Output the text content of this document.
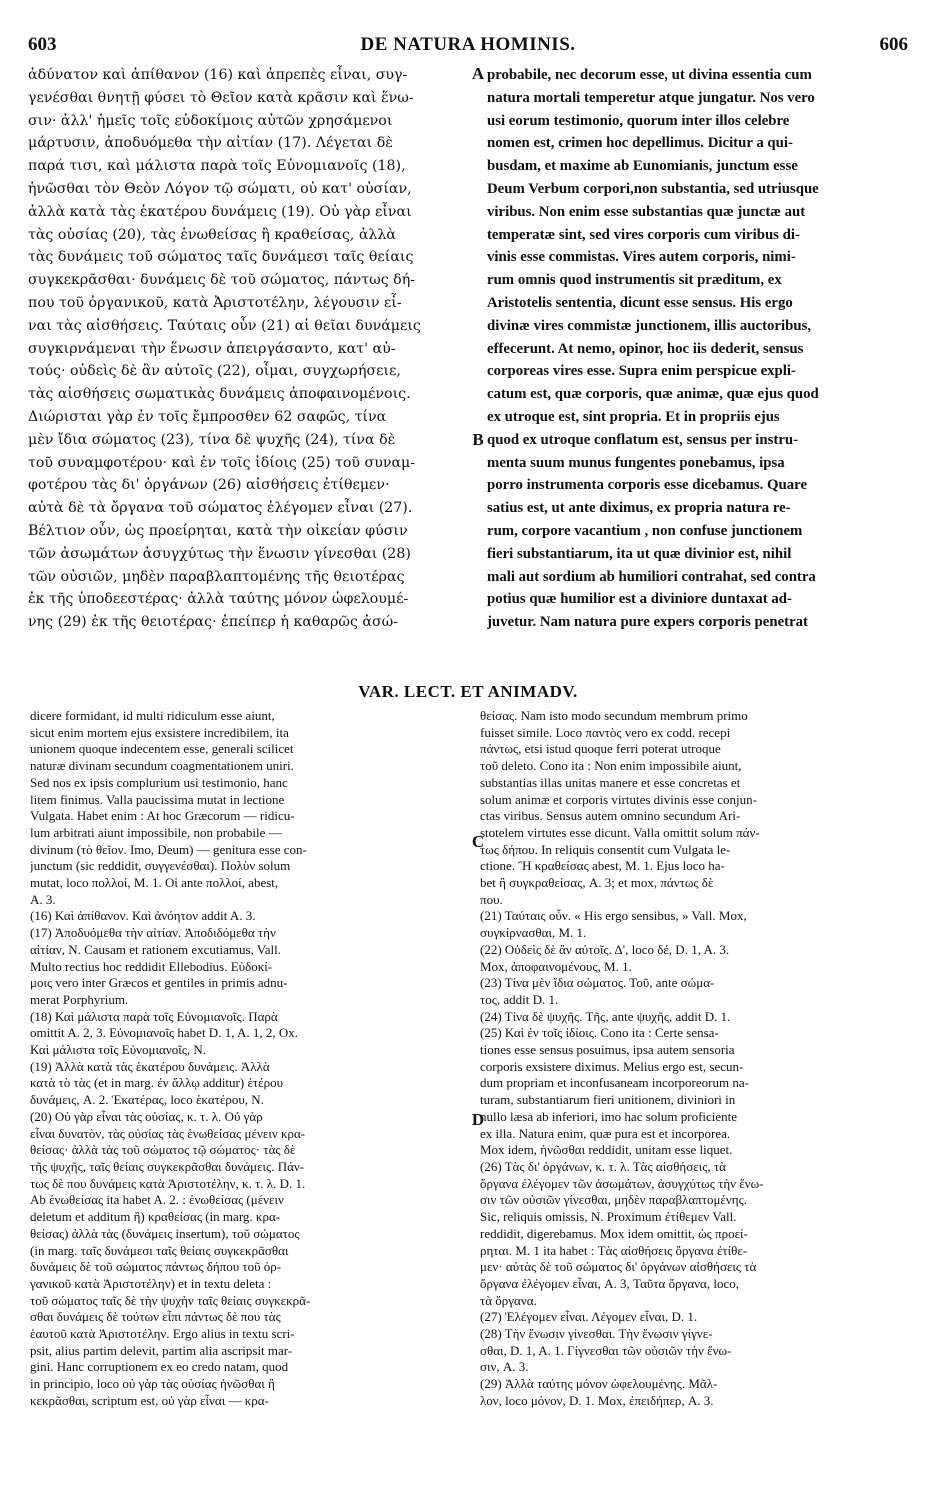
603	DE NATURA HOMINIS.	606
ἀδύνατον καὶ ἀπίθανον (16) καὶ ἀπρεπὲς εἶναι, συγ-
γενέσθαι θνητῇ φύσει τὸ Θεῖον κατὰ κρᾶσιν καὶ ἕνω-
σιν· ἀλλ' ἡμεῖς τοῖς εὐδοκίμοις αὐτῶν χρησάμενοι
μάρτυσιν, ἀποδυόμεθα τὴν αἰτίαν (17). Λέγεται δὲ
παρά τισι, καὶ μάλιστα παρὰ τοῖς Εὐνομιανοῖς (18),
ἡνῶσθαι τὸν Θεὸν Λόγον τῷ σώματι, οὐ κατ' οὐσίαν,
ἀλλὰ κατὰ τὰς ἑκατέρου δυνάμεις (19). Οὐ γὰρ εἶναι
τὰς οὐσίας (20), τὰς ἑνωθείσας ἢ κραθείσας, ἀλλὰ
τὰς δυνάμεις τοῦ σώματος ταῖς δυνάμεσι ταῖς θείαις
συγκεκρᾶσθαι· δυνάμεις δὲ τοῦ σώματος, πάντως δή-
που τοῦ ὀργανικοῦ, κατὰ Ἀριστοτέλην, λέγουσιν εἶ-
ναι τὰς αἰσθήσεις. Ταύταις οὖν (21) αἱ θεῖαι δυνάμεις
συγκιρνάμεναι τὴν ἕνωσιν ἀπειργάσαντο, κατ' αὐ-
τούς· οὐδεὶς δὲ ἂν αὐτοῖς (22), οἶμαι, συγχωρήσειε,
τὰς αἰσθήσεις σωματικὰς δυνάμεις ἀποφαινομένοις.
Διώρισται γὰρ ἐν τοῖς ἔμπροσθεν 62 σαφῶς, τίνα
μὲν ἴδια σώματος (23), τίνα δὲ ψυχῆς (24), τίνα δὲ
τοῦ συναμφοτέρου· καὶ ἐν τοῖς ἰδίοις (25) τοῦ συναμ-
φοτέρου τὰς δι' ὀργάνων (26) αἰσθήσεις ἐτίθεμεν·
αὐτὰ δὲ τὰ ὄργανα τοῦ σώματος ἐλέγομεν εἶναι (27).
Βέλτιον οὖν, ὡς προείρηται, κατὰ τὴν οἰκείαν φύσιν
τῶν ἀσωμάτων ἀσυγχύτως τὴν ἕνωσιν γίνεσθαι (28)
τῶν οὐσιῶν, μηδὲν παραβλαπτομένης τῆς θειοτέρας
ἐκ τῆς ὑποδεεστέρας· ἀλλὰ ταύτης μόνον ὠφελουμέ-
νης (29) ἐκ τῆς θειοτέρας· ἐπείπερ ἡ καθαρῶς ἀσώ-
probabile, nec decorum esse, ut divina essentia cum
natura mortali temperetur atque jungatur. Nos vero
usi eorum testimonio, quorum inter illos celebre
nomen est, crimen hoc depellimus. Dicitur a qui-
busdam, et maxime ab Eunomianis, junctum esse
Deum Verbum corpori,non substantia, sed utriusque
viribus. Non enim esse substantias quæ junctæ aut
temperatæ sint, sed vires corporis cum viribus di-
vinis esse commistas. Vires autem corporis, nimi-
rum omnis quod instrumentis sit præditum, ex
Aristotelis sententia, dicunt esse sensus. His ergo
divinæ vires commistæ junctionem, illis auctoribus,
effecerunt. At nemo, opinor, hoc iis dederit, sensus
corporeas vires esse. Supra enim perspicue expli-
catum est, quæ corporis, quæ animæ, quæ ejus quod
ex utroque est, sint propria. Et in propriis ejus
quod ex utroque conflatum est, sensus per instru-
menta suum munus fungentes ponebamus, ipsa
porro instrumenta corporis esse dicebamus. Quare
satius est, ut ante diximus, ex propria natura re-
rum, corpore vacantium , non confuse junctionem
fieri substantiarum, ita ut quæ divinior est, nihil
mali aut sordium ab humiliori contrahat, sed contra
potius quæ humilior est a diviniore duntaxat ad-
juvetur. Nam natura pure expers corporis penetrat
A
B
C
D
VAR. LECT. ET ANIMADV.
dicere formidant, id multi ridiculum esse aiunt,
sicut enim mortem ejus exsistere incredibilem, ita
unionem quoque indecentem esse, generali scilicet
naturæ divinam secundum coagmentationem uniri.
Sed nos ex ipsis complurium usi testimonio, hanc
litem finimus. Valla paucissima mutat in lectione
Vulgata. Habet enim : At hoc Græcorum — ridicu-
lum arbitrati aiunt impossibile, non probabile —
divinum (τὸ θεῖον. Imo, Deum) — genitura esse con-
junctum (sic reddidit, συγγενέσθαι). Πολὺν solum
mutat, loco πολλοί, M. 1. Οἱ ante πολλοί, abest,
A. 3.
(16) Καὶ ἀπίθανον. Καὶ ἀνόητον addit A. 3.
(17) Ἀποδυόμεθα τὴν αἰτίαν. Ἀποδιδόμεθα τὴν
αἰτίαν, N. Causam et rationem excutiamus, Vall.
Multo rectius hoc reddidit Ellebodius. Εὐδοκί-
μοις vero inter Græcos et gentiles in primis adnu-
merat Porphyrium.
(18) Καὶ μάλιστα παρὰ τοῖς Εὐνομιανοῖς. Παρὰ
omittit A. 2, 3. Εὐνομιανοῖς habet D. 1, A. 1, 2, Ox.
Καὶ μάλιστα τοῖς Εὐνομιανοῖς, N.
(19) Ἀλλὰ κατὰ τὰς ἑκατέρου δυνάμεις. Ἀλλὰ
κατὰ τὸ τὰς (et in marg. ἐν ἄλλῳ additur) ἑτέρου
δυνάμεις, A. 2. Ἑκατέρας, loco ἑκατέρου, N.
(20) Οὐ γὰρ εἶναι τὰς οὐσίας, κ. τ. λ. Οὐ γὰρ
εἶναι δυνατὸν, τὰς οὐσίας τὰς ἑνωθείσας μένειν κρα-
θείσας· ἀλλὰ τὰς τοῦ σώματος τῷ σώματος· τὰς δὲ
τῆς ψυχῆς, ταῖς θείαις συγκεκρᾶσθαι δυνάμεις. Πάν-
τως δὲ που δυνάμεις κατὰ Ἀριστοτέλην, κ. τ. λ. D. 1.
Ab ἑνωθείσας ita habet A. 2. : ἑνωθείσας (μένειν
deletum et additum ἢ) κραθείσας (in marg. κρα-
θείσας) ἀλλὰ τὰς (δυνάμεις insertum), τοῦ σώματος
(in marg. ταῖς δυνάμεσι ταῖς θείαις συγκεκρᾶσθαι
δυνάμεις δὲ τοῦ σώματος πάντως δήπου τοῦ ὀρ-
γανικοῦ κατὰ Ἀριστοτέλην) et in textu deleta :
τοῦ σώματος ταῖς δὲ τὴν ψυχὴν ταῖς θείαις συγκεκρᾶ-
σθαι δυνάμεις δὲ τούτων εἶπι πάντως δὲ που τὰς
ἑαυτοῦ κατὰ Ἀριστοτέλην. Ergo alius in textu scri-
psit, alius partim delevit, partim alia ascripsit mar-
gini. Hanc corruptionem ex eo credo natam, quod
in principio, loco οὐ γὰρ τὰς οὐσίας ἡνῶσθαι ἢ
κεκρᾶσθαι, scriptum est, οὐ γὰρ εἶναι — κρα-
θείσας. Nam isto modo secundum membrum primo
fuisset simile. Loco παντὸς vero ex codd. recepi
πάντως, etsi istud quoque ferri poterat utroque
τοῦ deleto. Cono ita : Non enim impossibile aiunt,
substantias illas unitas manere et esse concretas et
solum animæ et corporis virtutes divinis esse conjun-
ctas viribus. Sensus autem omnino secundum Ari-
stotelem virtutes esse dicunt. Valla omittit solum πάν-
τως δήπου. In reliquis consentit cum Vulgata le-
ctione. Ἢ κραθείσας abest, M. 1. Ejus loco ha-
bet ἢ συγκραθείσας, A. 3; et mox, πάντως δὲ
που.
(21) Ταύταις οὖν. « His ergo sensibus, » Vall. Mox,
συγκίρνασθαι, M. 1.
(22) Οὐδεὶς δὲ ἂν αὐτοῖς. Δ', loco δέ, D. 1, A. 3.
Mox, ἀποφαινομένους, M. 1.
(23) Τίνα μὲν ἴδια σώματος. Τοῦ, ante σώμα-
τος, addit D. 1.
(24) Τίνα δὲ ψυχῆς. Τῆς, ante ψυχῆς, addit D. 1.
(25) Καὶ ἐν τοῖς ἰδίοις. Cono ita : Certe sensa-
tiones esse sensus posuimus, ipsa autem sensoria
corporis exsistere diximus. Melius ergo est, secun-
dum propriam et inconfusaneam incorporeorum na-
turam, substantiarum fieri unitionem, diviniori in
nullo læsa ab inferiori, imo hac solum proficiente
ex illa. Natura enim, quæ pura est et incorporea.
Mox idem, ἡνῶσθαι reddidit, unitam esse liquet.
(26) Τὰς δι' ὀργάνων, κ. τ. λ. Τὰς αἰσθήσεις, τὰ
ὄργανα ἐλέγομεν τῶν ἀσωμάτων, ἀσυγχύτως τὴν ἕνω-
σιν τῶν οὐσιῶν γίνεσθαι, μηδὲν παραβλαπτομένης.
Sic, reliquis omissis, N. Proximum ἐτίθεμεν Vall.
reddidit, digerebamus. Mox idem omittit, ὡς προεί-
ρηται. M. 1 ita habet : Τὰς αἰσθήσεις ὄργανα ἐτίθε-
μεν· αὐτὰς δὲ τοῦ σώματος δι' ὀργάνων αἰσθήσεις τὰ
ὄργανα ἐλέγομεν εἶναι, A. 3, Ταῦτα ὄργανα, loco,
τὰ ὄργανα.
(27) Ἐλέγομεν εἶναι. Λέγομεν εἶναι, D. 1.
(28) Τὴν ἕνωσιν γίνεσθαι. Τὴν ἕνωσιν γίγνε-
σθαι, D. 1, A. 1. Γίγνεσθαι τῶν οὐσιῶν τὴν ἕνω-
σιν, A. 3.
(29) Ἀλλὰ ταύτης μόνον ὠφελουμένης. Μᾶλ-
λον, loco μόνον, D. 1. Mox, ἐπειδήπερ, A. 3.
